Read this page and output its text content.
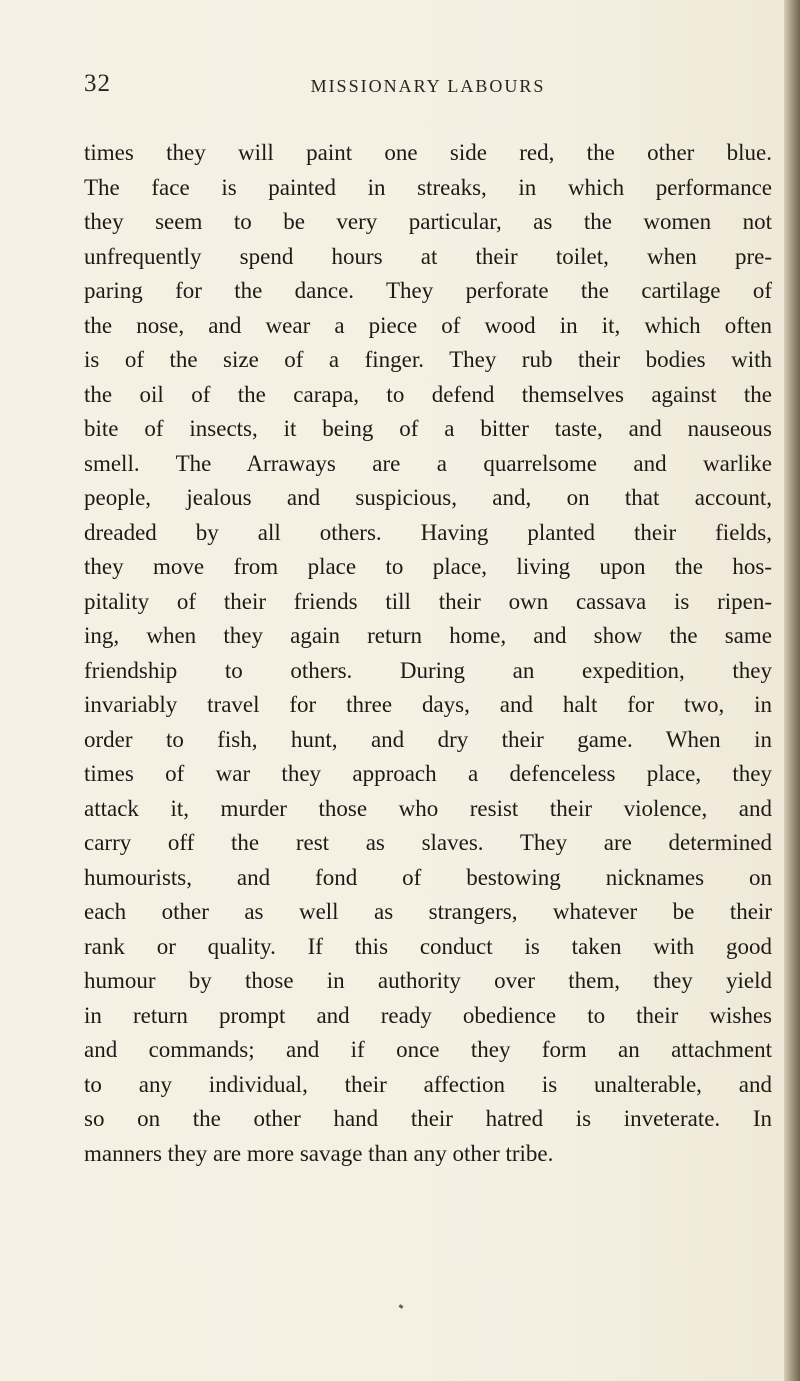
32	MISSIONARY LABOURS
times they will paint one side red, the other blue.
The face is painted in streaks, in which performance
they seem to be very particular, as the women not
unfrequently spend hours at their toilet, when pre-
paring for the dance. They perforate the cartilage of
the nose, and wear a piece of wood in it, which often
is of the size of a finger. They rub their bodies with
the oil of the carapa, to defend themselves against the
bite of insects, it being of a bitter taste, and nauseous
smell. The Arraways are a quarrelsome and warlike
people, jealous and suspicious, and, on that account,
dreaded by all others. Having planted their fields,
they move from place to place, living upon the hos-
pitality of their friends till their own cassava is ripen-
ing, when they again return home, and show the same
friendship to others. During an expedition, they
invariably travel for three days, and halt for two, in
order to fish, hunt, and dry their game. When in
times of war they approach a defenceless place, they
attack it, murder those who resist their violence, and
carry off the rest as slaves. They are determined
humourists, and fond of bestowing nicknames on
each other as well as strangers, whatever be their
rank or quality. If this conduct is taken with good
humour by those in authority over them, they yield
in return prompt and ready obedience to their wishes
and commands; and if once they form an attachment
to any individual, their affection is unalterable, and
so on the other hand their hatred is inveterate. In
manners they are more savage than any other tribe.
